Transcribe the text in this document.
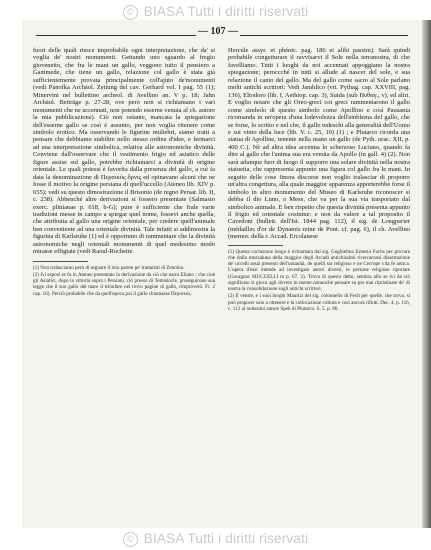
© BIASA Tutti i diritti riservati
— 107 —

fuori delle quali riesce improbabile ogni interpretazione, che da' si voglia de' nostri monumenti. Gettando uno sguardo al fregio giovenetto, che fra le mani un gallo, veggono tutto il pensiero a Ganimede, che tiene un gallo, relazione col gallo è stata già sufficientemente provata principalmente coll'ajuto de'monumenti (vedi Panofka Archäol. Zeitung del cav. Gerhard vol. I pag. 55 (1); Minervini nel bullettino archeol. di Avellino an. V p. 18; Jahn Archäol. Beiträge p. 27-28, ove però non si richiamano i vari monumenti che ne accennati, non potendo esserne venuta al ch. autore la mia pubblicazione). Ciò non ostante, mancata la spiegazione dell'esserne gallo se così è assunto, per non voglia ritenere come simbolo erotico. Ma osservando le figurine muliebri, siamo tratti a pensare che debbiamo stabilire nello stesso ordine d'idee, e fermarci ad una interpretazione simbolica, relativa alle astronomiche divinità. Conviene dall'osservare che il vestimento frigio ed asiatico delle figure assise sul gallo, potrebbe richiamarci a divinità di origine orientale. Le quali potessi è favorita dalla presenza del gallo, a cui fa data la denominazione di Περσικός ὄρνις ed opinavano alcuni che ne fosse il motivo la origine persiana di quell'uccello (Ateneo lib. XIV p. 655); vedi su questo dimostrazione il Brisonio (de regno Persar. lib. II, c. 238). Abbenché altre derivazioni si fossero presentate (Salmasio exerc. plinianae p. 618, b-G); pure è sufficiente che frale varie tradizioni messe in campo a spiegar quel nome, fossevi anche quella, che attribuita al gallo una origine orientale, per credere quell'animale ben conveniente ad una orientale divinità. Tale infatti si addimostra la figurina di Karlsruhe (1) ed è opportuno di rammentare che la divinità astronomiche negli orientali monumenti di quel medesimo modo mirasse effigiate (vedi Raoul-Rochette

(1) Non tralasciamo però di segnare il mio parere pe' trattatisti di Zenobio.

(2) Ivi esposi se fu in Ateneo presentato la derivazione da ciò che narra Eliano ; che cioè gli Asiatici, dopo la vittoria sopra i Persiani, ciò presso di Temistocle, proseguirono sua legge che il suo gallo del mare il trionfare nel trovo pagine di gallo, rimproverò. Fr. 2 cap. 16). Perciò probabile che da quell'epoca poi il gallo chiamasse Περσικός.

Hercule assyr. et phénic. pag. 186 et alibi passim). Sarà quindi probabile congetturare il ravvisarvi il Sole nella terranostra, di che favelliamo. Tutti i luoghi da noi accennati appoggiano la nostra spiegazione; peroccché in tutti si allude al nascer del sole, e sua relazione il canto del gallo. Ma del gallo come sacro al Sole parlano molti antichi scrittori: Vedi Jamblico (vit. Pythag. cap. XXVIII, pag. 136), Eliodoro (lib. I, Aethiop. cap. 3), Suida (sub Πυθαγ., v), ed altri. E voglio notare che gli Oreo-greci coi greci rammentarono il gallo come simbolo di questo simbolo come Apollino e così Pausania ricomanda in un'opera d'una lodevolezza dell'emblema del gallo, che se forse, lo scritto e nel che, il gallo tedeschi alla generalità dell'Uomo e sui vinto della luce (lib. V. c. 25, 10) (1) ; e Plutarco ricorda una statua di Apolline, tenente nella mano un gallo (de Pyth. orac. XII, p. 400 C.). Nè ad altra idea accenna lo scherzoso Luciano, quando fa dire al gallo che l'anima sua era venuta da Apollo (in gall. 4) (2). Non sarà adunque fuor di luogo il supporre una solare divinità nella nostra statuetta, che rappresenta appunto una figura col gallo fra le mani. In seguito delle cose finora discorse non voglio tralasciar di proporre un'altra congettura, alla quale maggior apparenza apporterebbe forse il simbolo in altro monumento del Museo di Karlsruhe riconoscer si debba il dio Luno, o Mese, che va per la sua via trasportato dal simbolico animale. E ben rispetto che questa divinità presenta appunto il frigio ed orientale costume: e non da valere a tal proposito il Cavedoni (bullett. dell'Ist. 1844 pag. 112), il sig. de Longperier (médailles d'or de Dynamis reine de Pont. cf. pag. 6), il ch. Avellino (memor. della r. Accad. Ercolanese

(1) Questa coclusione luogo è richiamata dal sig. Gughielmo Ernesto Fuchs per provare che dalla mezzaluna della maggior degli Arcadi antichissimi ricercaronsi dissertazione de' uccelli assai presenti dell'umanità, de quelli sia religioso e ne Cecrope vita fe antica. L'opera d'essi intende ad investigare autori diversi, le persone religiose riportate (Gavagnac MUCCELLI to p. 67. 2). Trova di questo detto, sembra allo se ivi da ciò significato si giova agli dovere in mente nonnochè pensare su per mai ripristinate de' di nostra la consolidazione sugli antichi scrittori.

(2) Il ventre, e i suoi luoghi Maurizi del sig. colonnello di Fecit per quelle, che trova, si può proporre solo a ottenere e la collocazione coltura e così ancora rifiuti. Dec. 4. p. 116, c. 112 al notissimi autore Spek di Plutarco. S. 5. p. 86.

© BIASA Tutti i diritti riservati
